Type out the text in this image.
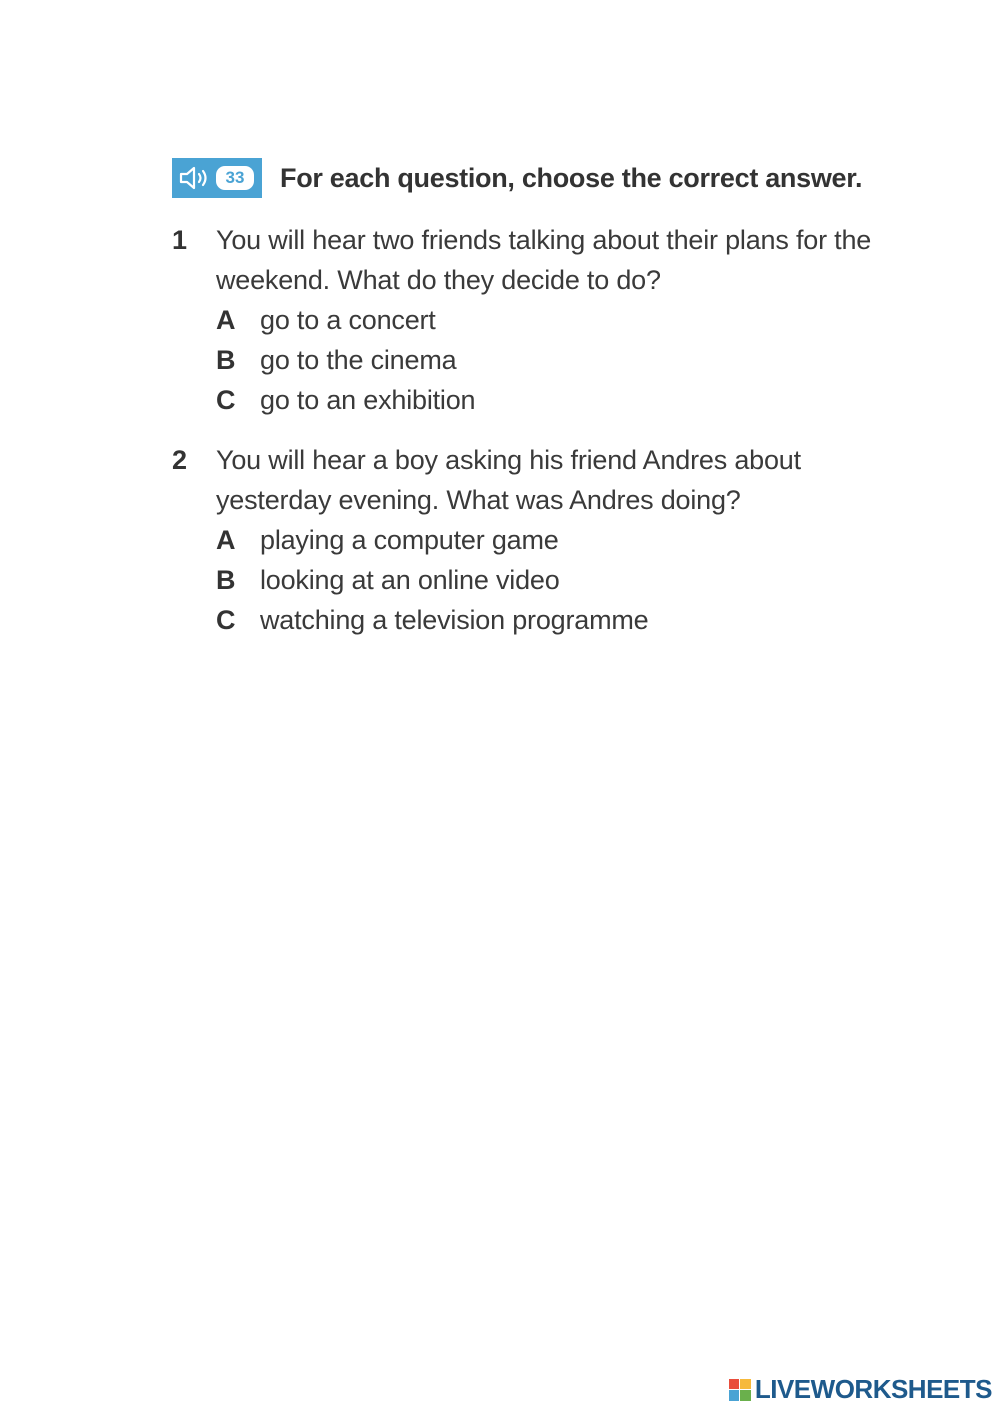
33	For each question, choose the correct answer.
1	You will hear two friends talking about their plans for the weekend. What do they decide to do?
A go to a concert
B go to the cinema
C go to an exhibition
2	You will hear a boy asking his friend Andres about yesterday evening. What was Andres doing?
A playing a computer game
B looking at an online video
C watching a television programme
LIVEWORKSHEETS
